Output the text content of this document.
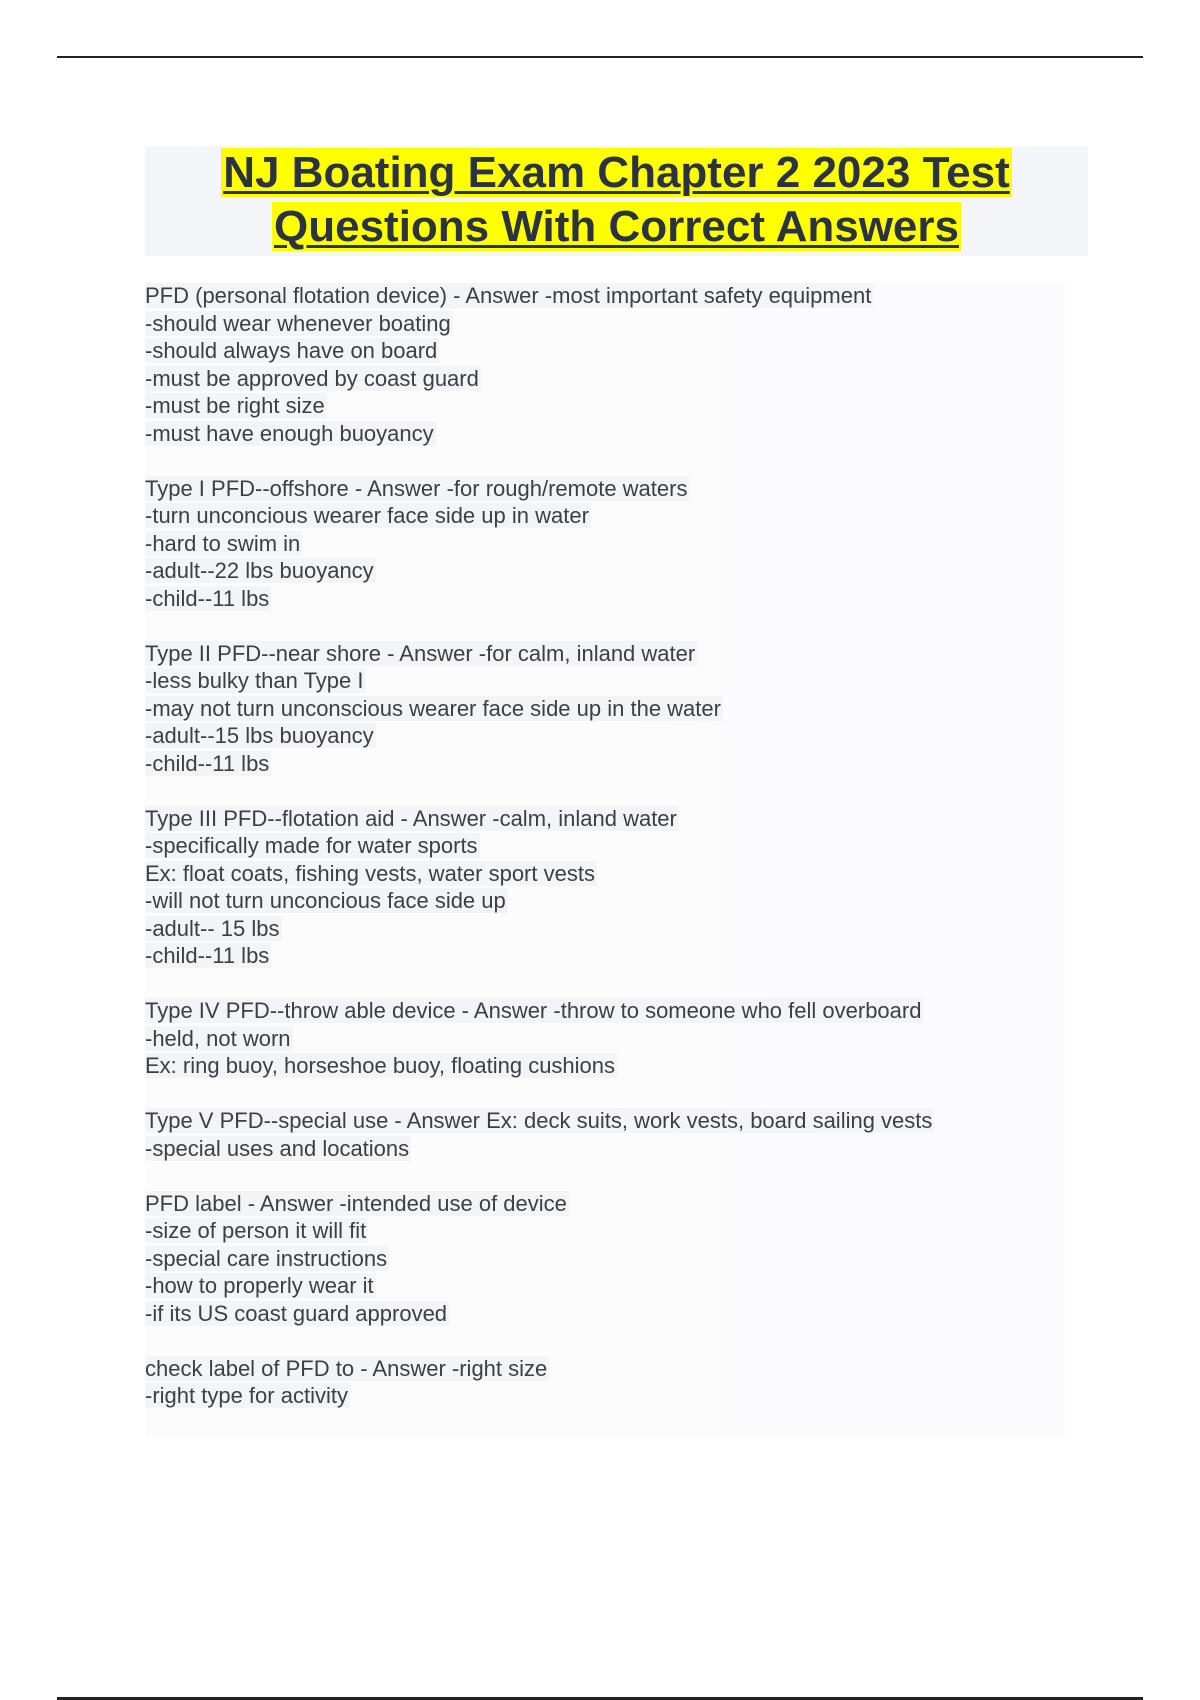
NJ Boating Exam Chapter 2 2023 Test
Questions With Correct Answers
PFD (personal flotation device) - Answer -most important safety equipment
-should wear whenever boating
-should always have on board
-must be approved by coast guard
-must be right size
-must have enough buoyancy
Type I PFD--offshore - Answer -for rough/remote waters
-turn unconcious wearer face side up in water
-hard to swim in
-adult--22 lbs buoyancy
-child--11 lbs
Type II PFD--near shore - Answer -for calm, inland water
-less bulky than Type I
-may not turn unconscious wearer face side up in the water
-adult--15 lbs buoyancy
-child--11 lbs
Type III PFD--flotation aid - Answer -calm, inland water
-specifically made for water sports
Ex: float coats, fishing vests, water sport vests
-will not turn unconcious face side up
-adult-- 15 lbs
-child--11 lbs
Type IV PFD--throw able device - Answer -throw to someone who fell overboard
-held, not worn
Ex: ring buoy, horseshoe buoy, floating cushions
Type V PFD--special use - Answer Ex: deck suits, work vests, board sailing vests
-special uses and locations
PFD label - Answer -intended use of device
-size of person it will fit
-special care instructions
-how to properly wear it
-if its US coast guard approved
check label of PFD to - Answer -right size
-right type for activity
